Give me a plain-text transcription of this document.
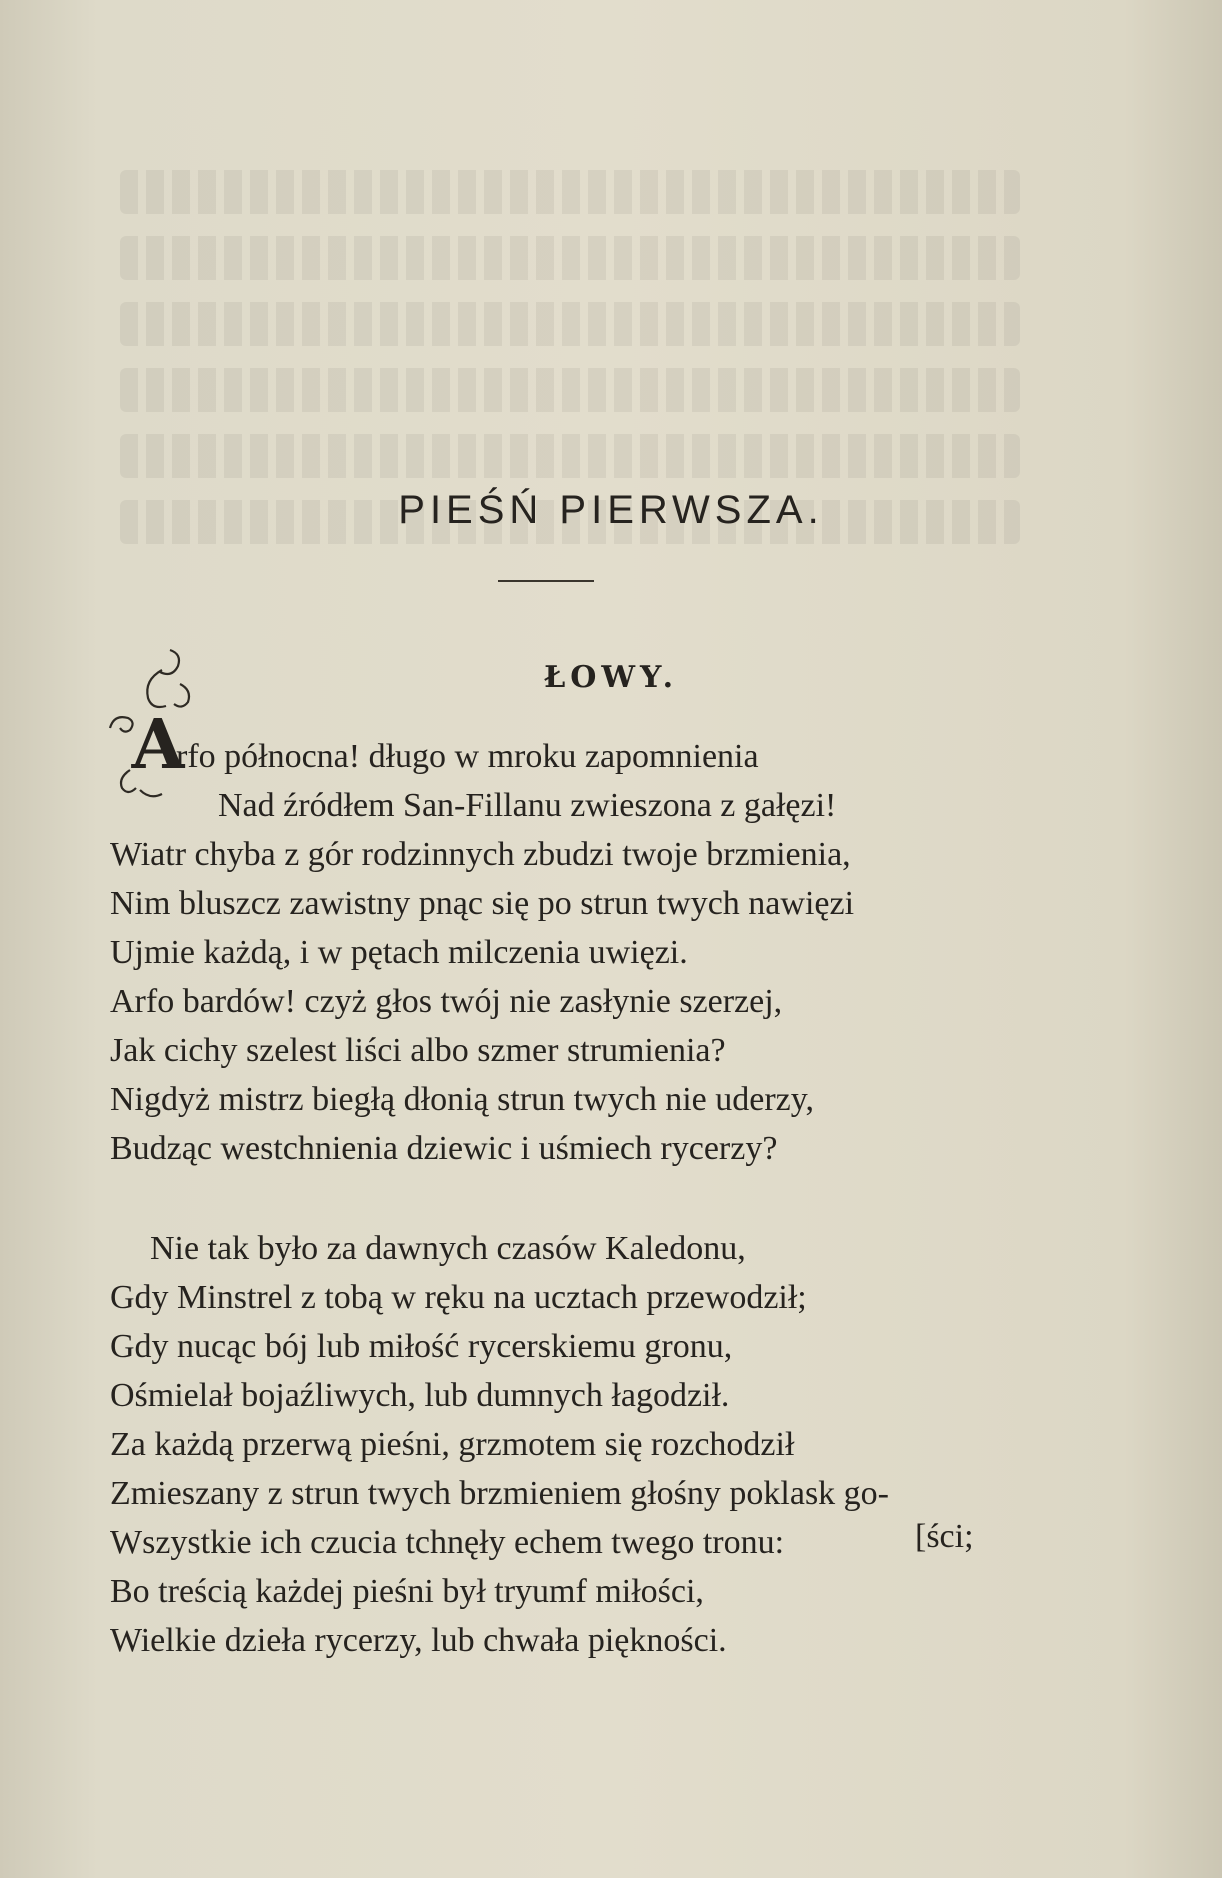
PIEŚŃ PIERWSZA.
ŁOWY.
A
rfo północna! długo w mroku zapomnienia
Nad źródłem San-Fillanu zwieszona z gałęzi!
Wiatr chyba z gór rodzinnych zbudzi twoje brzmienia,
Nim bluszcz zawistny pnąc się po strun twych nawięzi
Ujmie każdą, i w pętach milczenia uwięzi.
Arfo bardów! czyż głos twój nie zasłynie szerzej,
Jak cichy szelest liści albo szmer strumienia?
Nigdyż mistrz biegłą dłonią strun twych nie uderzy,
Budząc westchnienia dziewic i uśmiech rycerzy?
Nie tak było za dawnych czasów Kaledonu,
Gdy Minstrel z tobą w ręku na ucztach przewodził;
Gdy nucąc bój lub miłość rycerskiemu gronu,
Ośmielał bojaźliwych, lub dumnych łagodził.
Za każdą przerwą pieśni, grzmotem się rozchodził
Zmieszany z strun twych brzmieniem głośny poklask go-
Wszystkie ich czucia tchnęły echem twego tronu:
Bo treścią każdej pieśni był tryumf miłości,
Wielkie dzieła rycerzy, lub chwała piękności.
[ści;
